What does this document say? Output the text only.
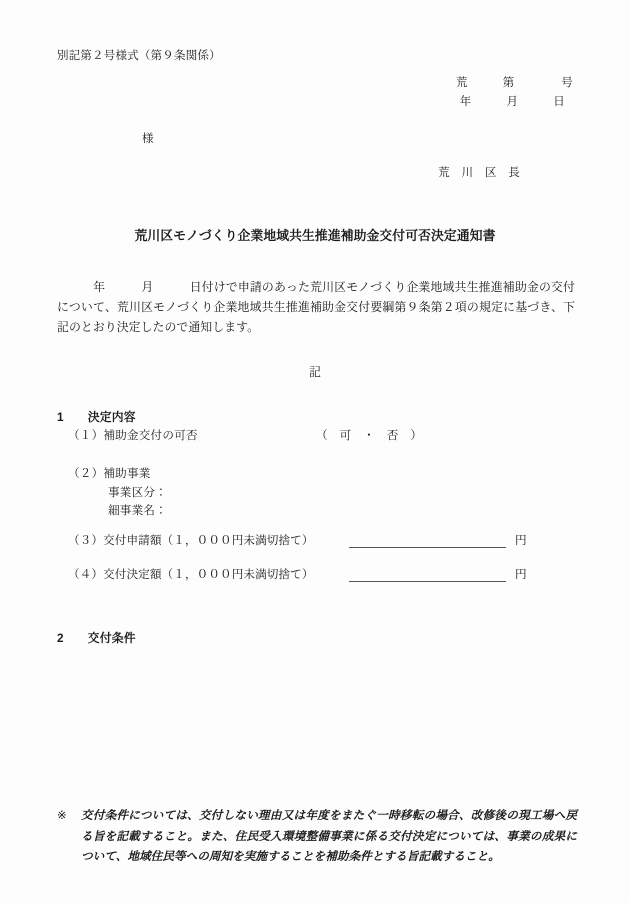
別記第２号様式（第９条関係）
荒　　　第　　　　号
年　　　月　　　日
様
荒　川　区　長
荒川区モノづくり企業地域共生推進補助金交付可否決定通知書
　　　年　　　月　　　日付けで申請のあった荒川区モノづくり企業地域共生推進補助金の交付について、荒川区モノづくり企業地域共生推進補助金交付要綱第９条第２項の規定に基づき、下記のとおり決定したので通知します。
記
1　　 決定内容
（１）補助金交付の可否	（　可　・　否　）
（２）補助事業
事業区分：
細事業名：
（３）交付申請額（１，０００円未満切捨て）	円
（４）交付決定額（１，０００円未満切捨て）	円
2　　 交付条件
※	交付条件については、交付しない理由又は年度をまたぐ一時移転の場合、改修後の現工場へ戻る旨を記載すること。また、住民受入環境整備事業に係る交付決定については、事業の成果について、地域住民等への周知を実施することを補助条件とする旨記載すること。
